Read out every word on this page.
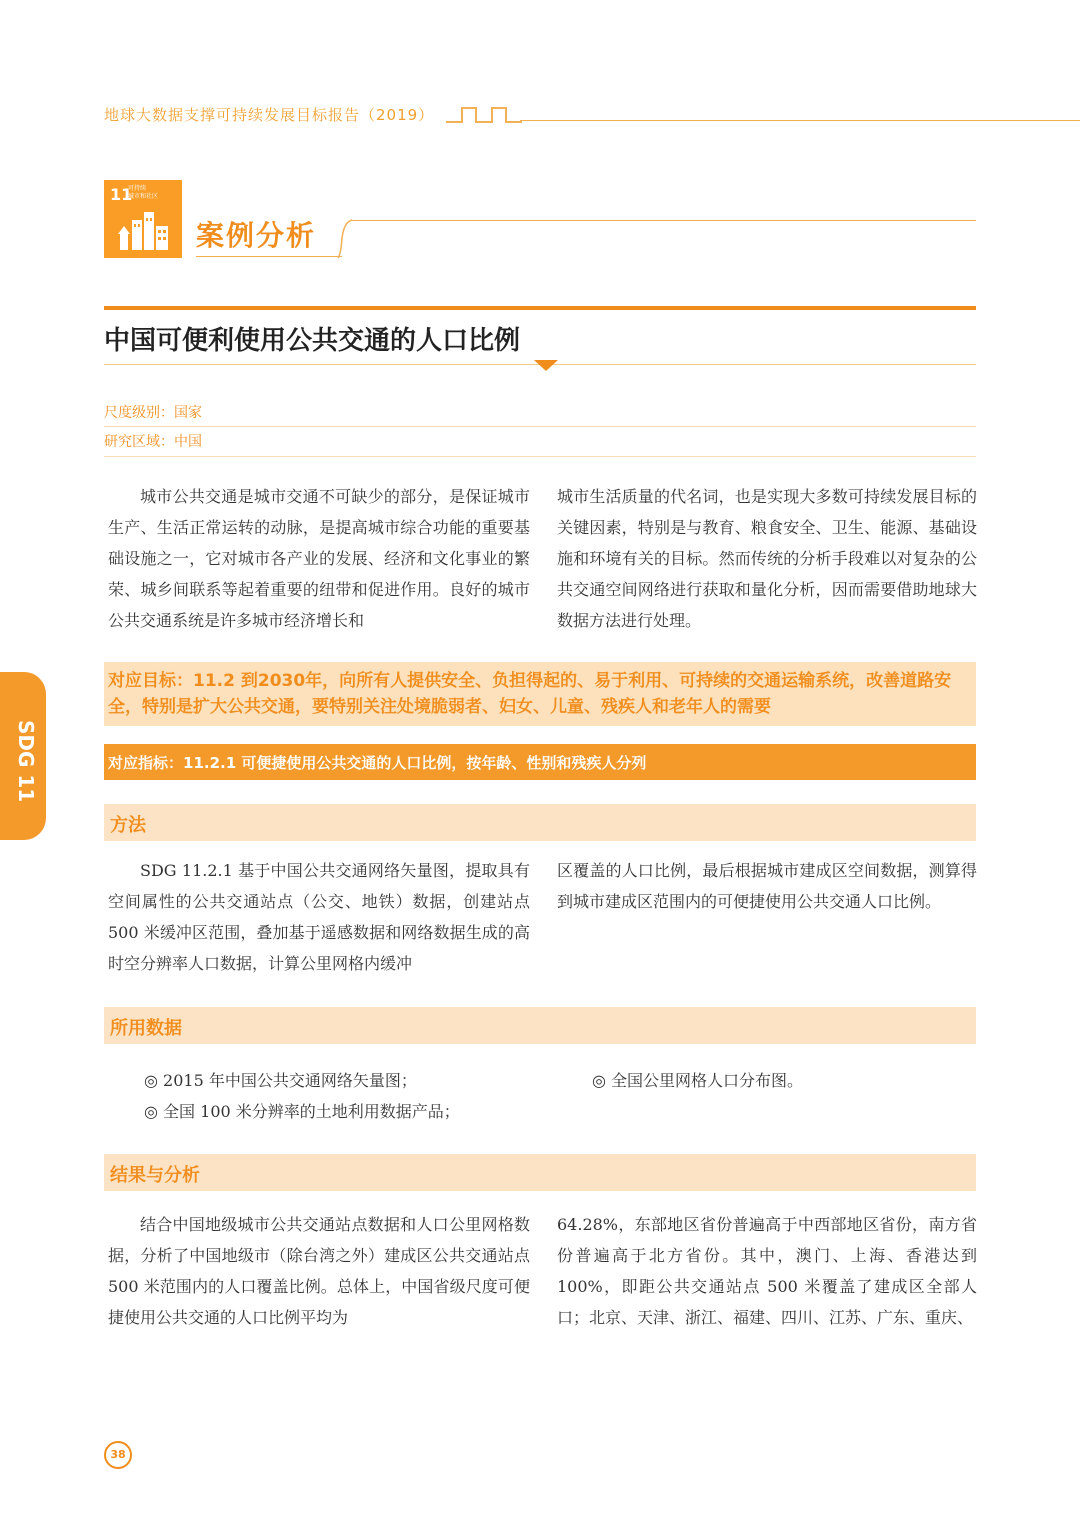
地球大数据支撑可持续发展目标报告（2019）
11
可持续
城市和社区
案例分析
中国可便利使用公共交通的人口比例
尺度级别：国家
研究区域：中国
城市公共交通是城市交通不可缺少的部分，是保证城市生产、生活正常运转的动脉，是提高城市综合功能的重要基础设施之一，它对城市各产业的发展、经济和文化事业的繁荣、城乡间联系等起着重要的纽带和促进作用。良好的城市公共交通系统是许多城市经济增长和
城市生活质量的代名词，也是实现大多数可持续发展目标的关键因素，特别是与教育、粮食安全、卫生、能源、基础设施和环境有关的目标。然而传统的分析手段难以对复杂的公共交通空间网络进行获取和量化分析，因而需要借助地球大数据方法进行处理。
对应目标：11.2 到2030年，向所有人提供安全、负担得起的、易于利用、可持续的交通运输系统，改善道路安全，特别是扩大公共交通，要特别关注处境脆弱者、妇女、儿童、残疾人和老年人的需要
对应指标：11.2.1 可便捷使用公共交通的人口比例，按年龄、性别和残疾人分列
SDG 11
方法
SDG 11.2.1 基于中国公共交通网络矢量图，提取具有空间属性的公共交通站点（公交、地铁）数据，创建站点 500 米缓冲区范围，叠加基于遥感数据和网络数据生成的高时空分辨率人口数据，计算公里网格内缓冲
区覆盖的人口比例，最后根据城市建成区空间数据，测算得到城市建成区范围内的可便捷使用公共交通人口比例。
所用数据
◎ 2015 年中国公共交通网络矢量图；
◎ 全国 100 米分辨率的土地利用数据产品；
◎ 全国公里网格人口分布图。
结果与分析
结合中国地级城市公共交通站点数据和人口公里网格数据，分析了中国地级市（除台湾之外）建成区公共交通站点 500 米范围内的人口覆盖比例。总体上，中国省级尺度可便捷使用公共交通的人口比例平均为
64.28%，东部地区省份普遍高于中西部地区省份，南方省份普遍高于北方省份。其中，澳门、上海、香港达到100%，即距公共交通站点 500 米覆盖了建成区全部人口；北京、天津、浙江、福建、四川、江苏、广东、重庆、
38
